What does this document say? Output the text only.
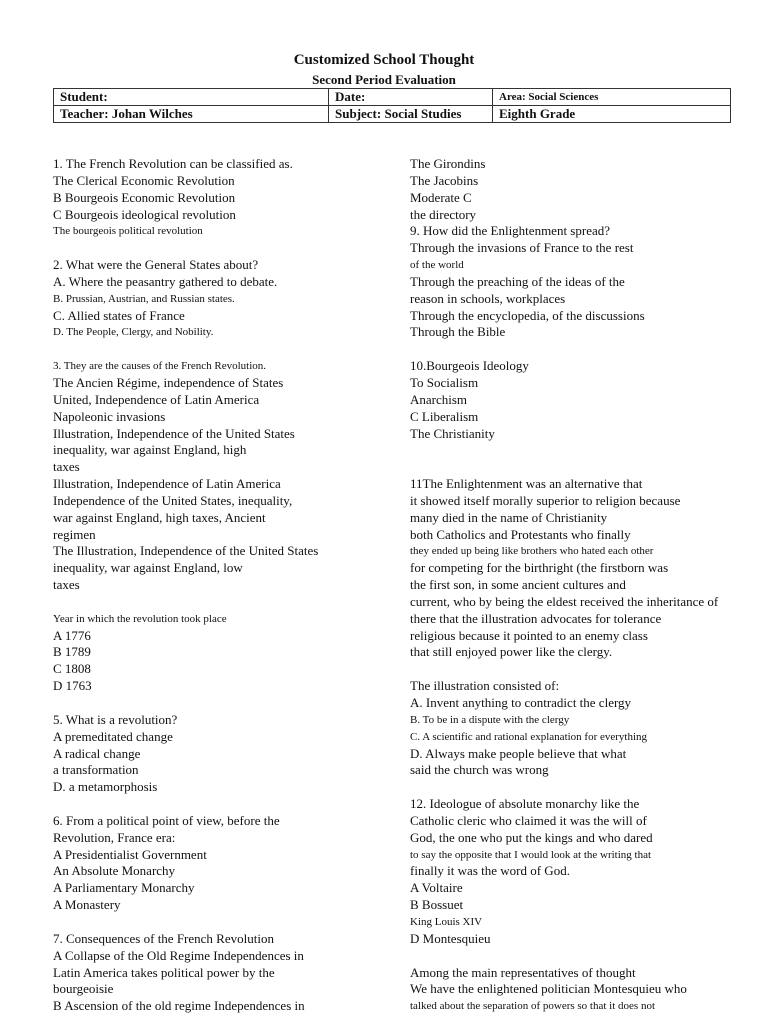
Customized School Thought
Second Period Evaluation
Student:	Date:	Area: Social Sciences
Teacher: Johan Wilches	Subject: Social Studies	Eighth Grade
1. The French Revolution can be classified as.
The Clerical Economic Revolution
B Bourgeois Economic Revolution
C Bourgeois ideological revolution
The bourgeois political revolution
2. What were the General States about?
A. Where the peasantry gathered to debate.
B. Prussian, Austrian, and Russian states.
C. Allied states of France
D. The People, Clergy, and Nobility.
3. They are the causes of the French Revolution.
The Ancien Régime, independence of States
United, Independence of Latin America
Napoleonic invasions
Illustration, Independence of the United States
inequality, war against England, high
taxes
Illustration, Independence of Latin America
Independence of the United States, inequality,
war against England, high taxes, Ancient
regimen
The Illustration, Independence of the United States
inequality, war against England, low
taxes
Year in which the revolution took place
A 1776
B 1789
C 1808
D 1763
5. What is a revolution?
A premeditated change
A radical change
a transformation
D. a metamorphosis
6. From a political point of view, before the
Revolution, France era:
A Presidentialist Government
An Absolute Monarchy
A Parliamentary Monarchy
A Monastery
7. Consequences of the French Revolution
A Collapse of the Old Regime Independences in
Latin America takes political power by the
bourgeoisie
B Ascension of the old regime Independences in
The Girondins
The Jacobins
Moderate C
the directory
9. How did the Enlightenment spread?
Through the invasions of France to the rest
of the world
Through the preaching of the ideas of the
reason in schools, workplaces
Through the encyclopedia, of the discussions
Through the Bible
10.Bourgeois Ideology
To Socialism
Anarchism
C Liberalism
The Christianity
11The Enlightenment was an alternative that
it showed itself morally superior to religion because
many died in the name of Christianity
both Catholics and Protestants who finally
they ended up being like brothers who hated each other
for competing for the birthright (the firstborn was
the first son, in some ancient cultures and
current, who by being the eldest received the inheritance of
there that the illustration advocates for tolerance
religious because it pointed to an enemy class
that still enjoyed power like the clergy.
The illustration consisted of:
A. Invent anything to contradict the clergy
B. To be in a dispute with the clergy
C. A scientific and rational explanation for everything
D. Always make people believe that what
said the church was wrong
12. Ideologue of absolute monarchy like the
Catholic cleric who claimed it was the will of
God, the one who put the kings and who dared
to say the opposite that I would look at the writing that
finally it was the word of God.
A Voltaire
B Bossuet
King Louis XIV
D Montesquieu
Among the main representatives of thought
We have the enlightened politician Montesquieu who
talked about the separation of powers so that it does not
